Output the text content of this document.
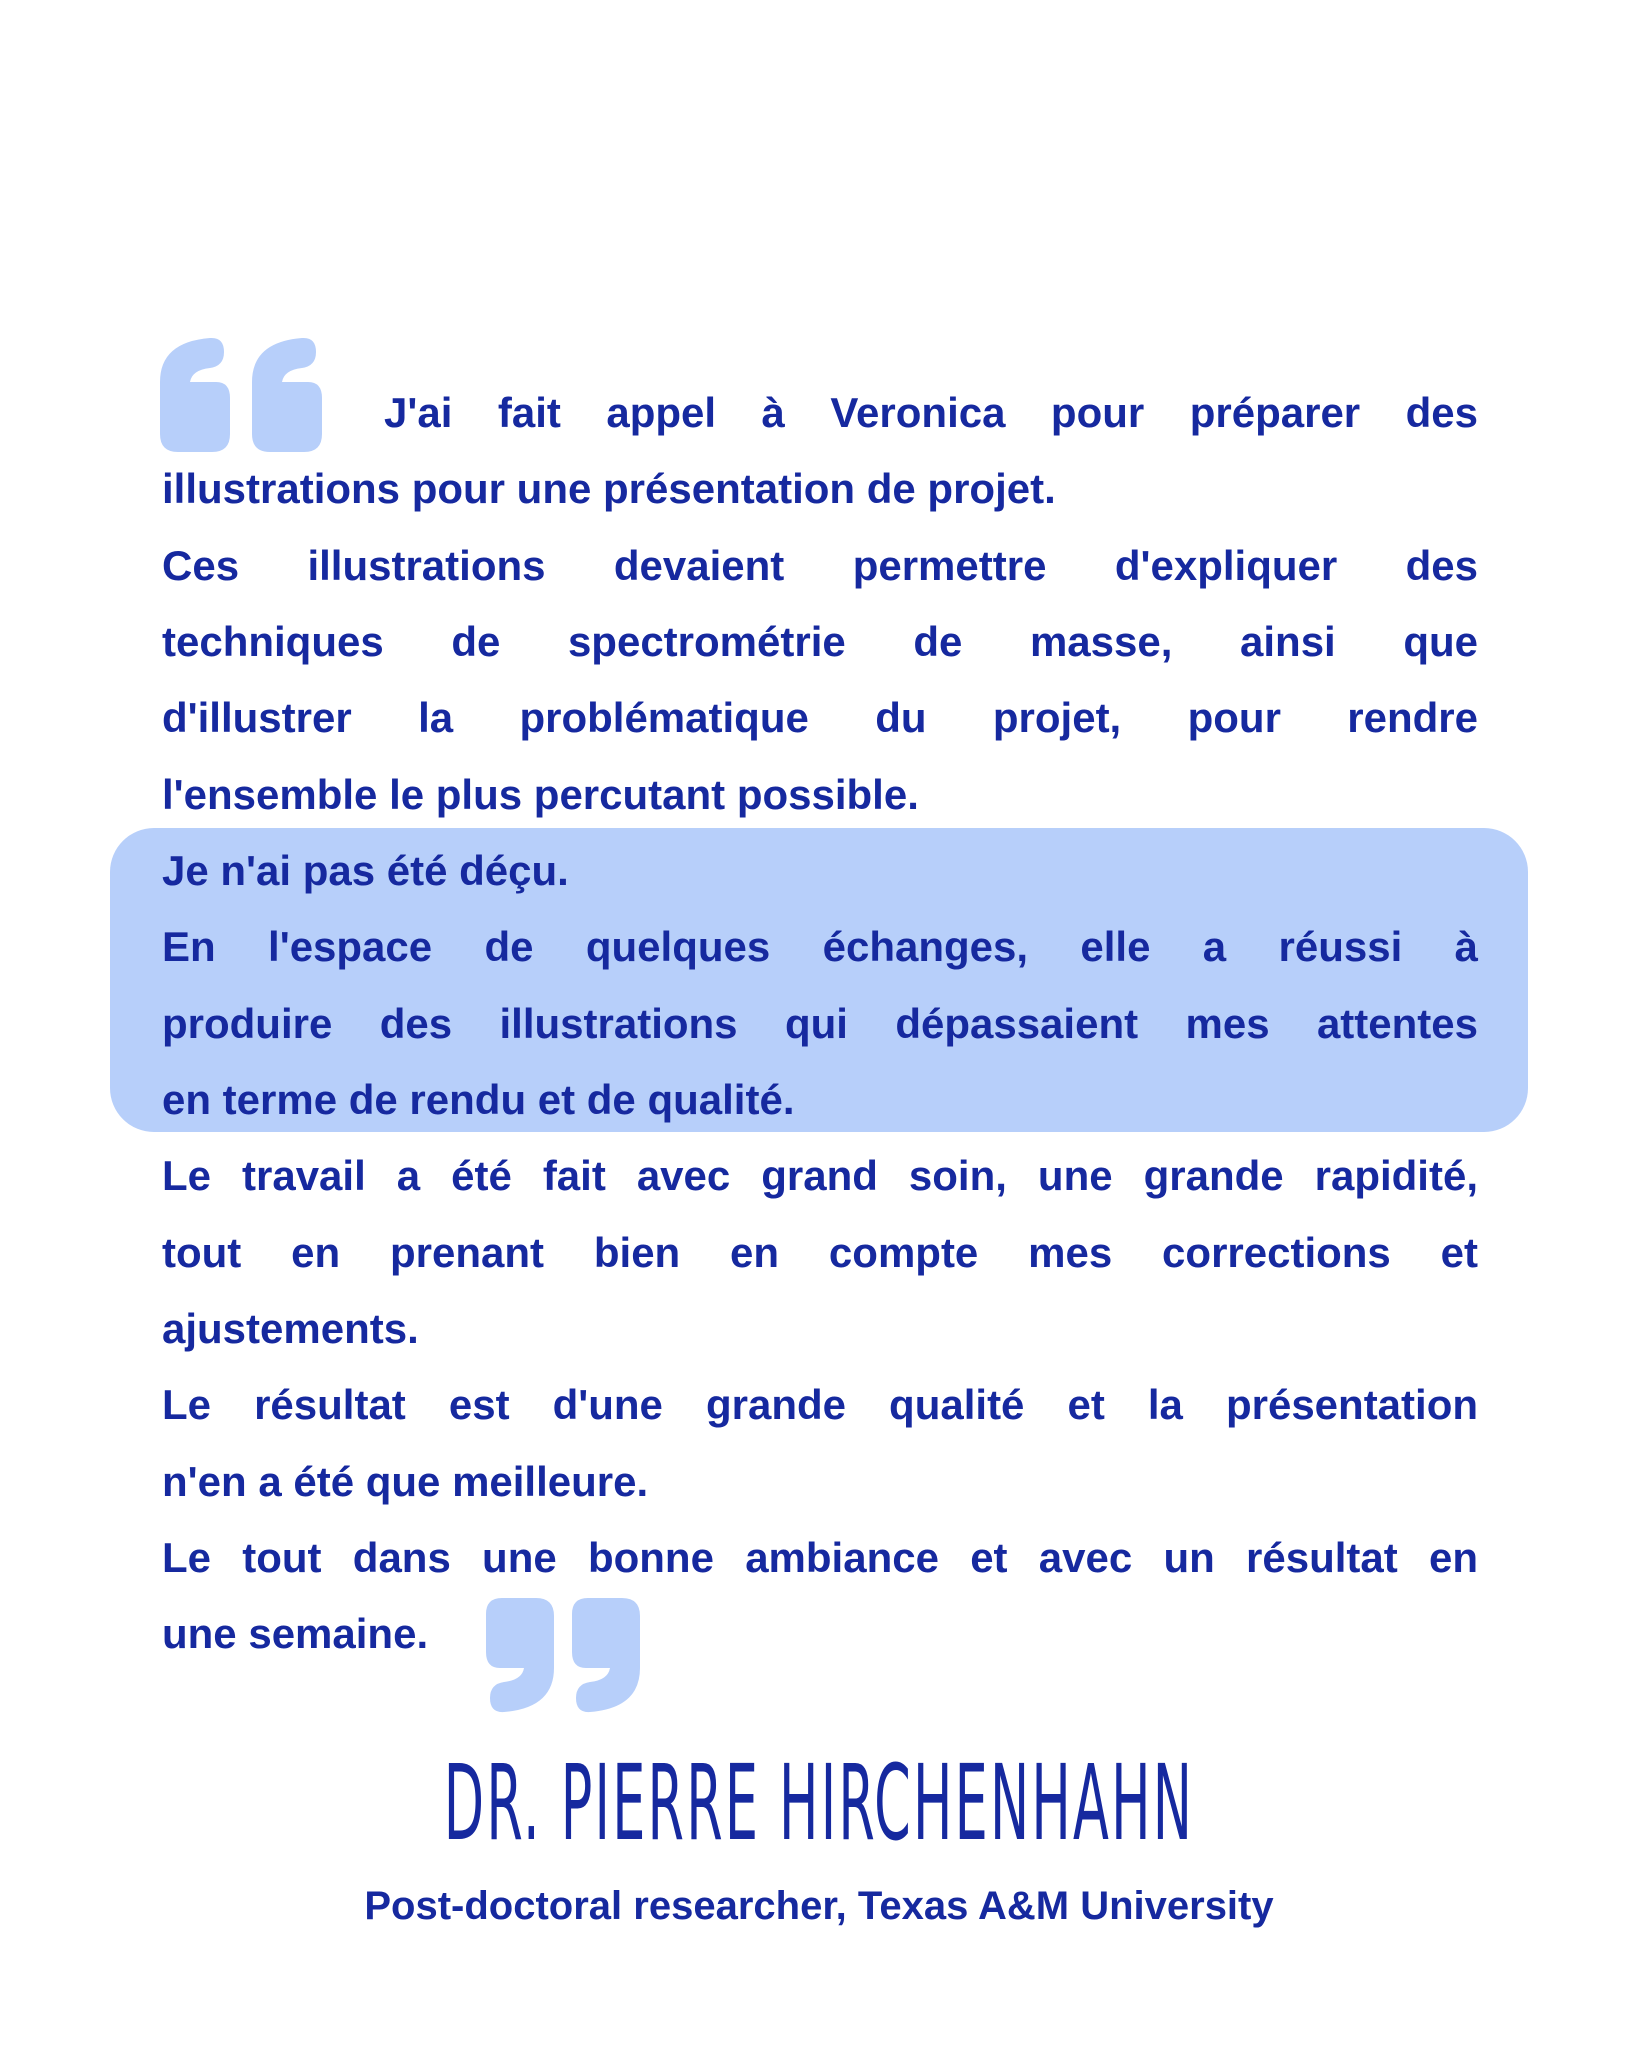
J'ai fait appel à Veronica pour préparer des
illustrations pour une présentation de projet.
Ces illustrations devaient permettre d'expliquer des
techniques de spectrométrie de masse, ainsi que
d'illustrer la problématique du projet, pour rendre
l'ensemble le plus percutant possible.
Je n'ai pas été déçu.
En l'espace de quelques échanges, elle a réussi à
produire des illustrations qui dépassaient mes attentes
en terme de rendu et de qualité.
Le travail a été fait avec grand soin, une grande rapidité,
tout en prenant bien en compte mes corrections et
ajustements.
Le résultat est d'une grande qualité et la présentation
n'en a été que meilleure.
Le tout dans une bonne ambiance et avec un résultat en
une semaine.
DR. PIERRE HIRCHENHAHN
Post-doctoral researcher, Texas A&M University
